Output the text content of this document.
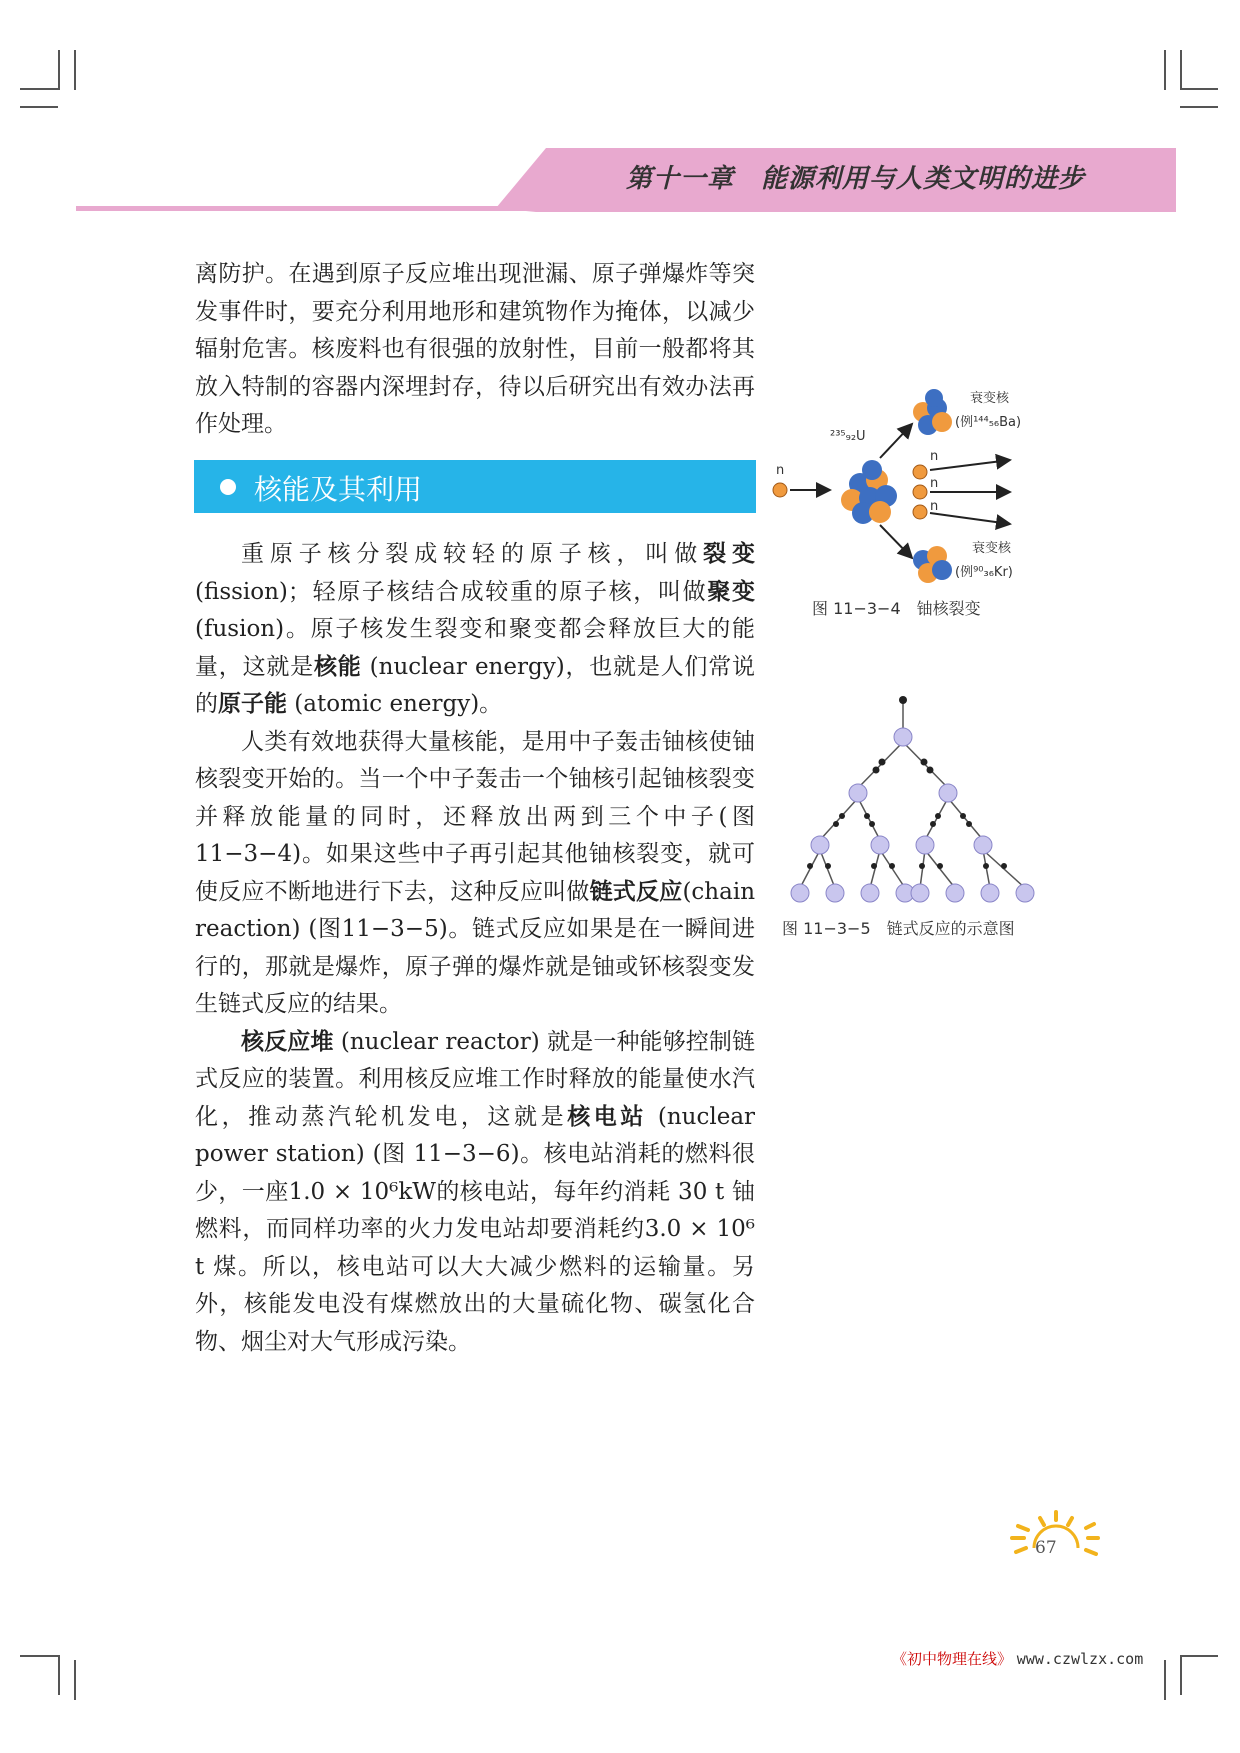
第十一章　 能源利用与人类文明的进步

离防护。在遇到原子反应堆出现泄漏、原子弹爆炸等突发事件时，要充分利用地形和建筑物作为掩体，以减少辐射危害。核废料也有很强的放射性，目前一般都将其放入特制的容器内深埋封存，待以后研究出有效办法再作处理。

核能及其利用

重原子核分裂成较轻的原子核，叫做裂变(fission)；轻原子核结合成较重的原子核，叫做聚变 (fusion)。原子核发生裂变和聚变都会释放巨大的能量，这就是核能 (nuclear energy)，也就是人们常说的原子能 (atomic energy)。

人类有效地获得大量核能，是用中子轰击铀核使铀核裂变开始的。当一个中子轰击一个铀核引起铀核裂变并释放能量的同时，还释放出两到三个中子(图11−3−4)。如果这些中子再引起其他铀核裂变，就可使反应不断地进行下去，这种反应叫做链式反应(chain reaction) (图11−3−5)。链式反应如果是在一瞬间进行的，那就是爆炸，原子弹的爆炸就是铀或钚核裂变发生链式反应的结果。

核反应堆 (nuclear reactor) 就是一种能够控制链式反应的装置。利用核反应堆工作时释放的能量使水汽化，推动蒸汽轮机发电，这就是核电站 (nuclear power station) (图 11−3−6)。核电站消耗的燃料很少，一座1.0 × 10⁶kW的核电站，每年约消耗 30 t 铀燃料，而同样功率的火力发电站却要消耗约3.0 × 10⁶ t 煤。所以，核电站可以大大减少燃料的运输量。另外，核能发电没有煤燃放出的大量硫化物、碳氢化合物、烟尘对大气形成污染。

n
²³⁵₉₂U
衰变核
(例¹⁴⁴₅₆Ba)
n
n
n
衰变核
(例⁹⁰₃₆Kr)
图 11−3−4　铀核裂变
图 11−3−5　链式反应的示意图
67
《初中物理在线》 www.czwlzx.com
